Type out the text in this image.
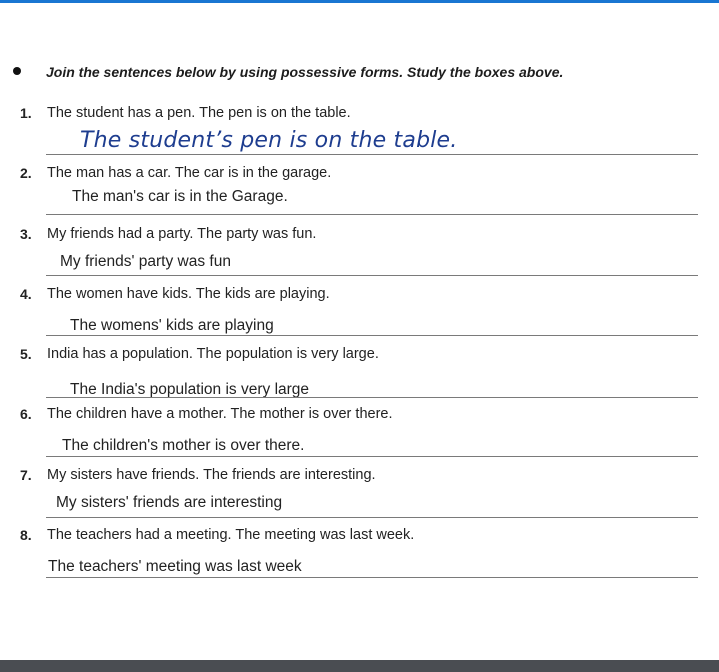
Join the sentences below by using possessive forms. Study the boxes above.
1. The student has a pen. The pen is on the table.
The student’s pen is on the table.
2. The man has a car. The car is in the garage.
The man's car is in the Garage.
3. My friends had a party. The party was fun.
My friends' party was fun
4. The women have kids. The kids are playing.
The womens' kids are playing
5. India has a population. The population is very large.
The India's population is very large
6. The children have a mother. The mother is over there.
The children's mother is over there.
7. My sisters have friends. The friends are interesting.
My sisters' friends are interesting
8. The teachers had a meeting. The meeting was last week.
The teachers' meeting was last week
